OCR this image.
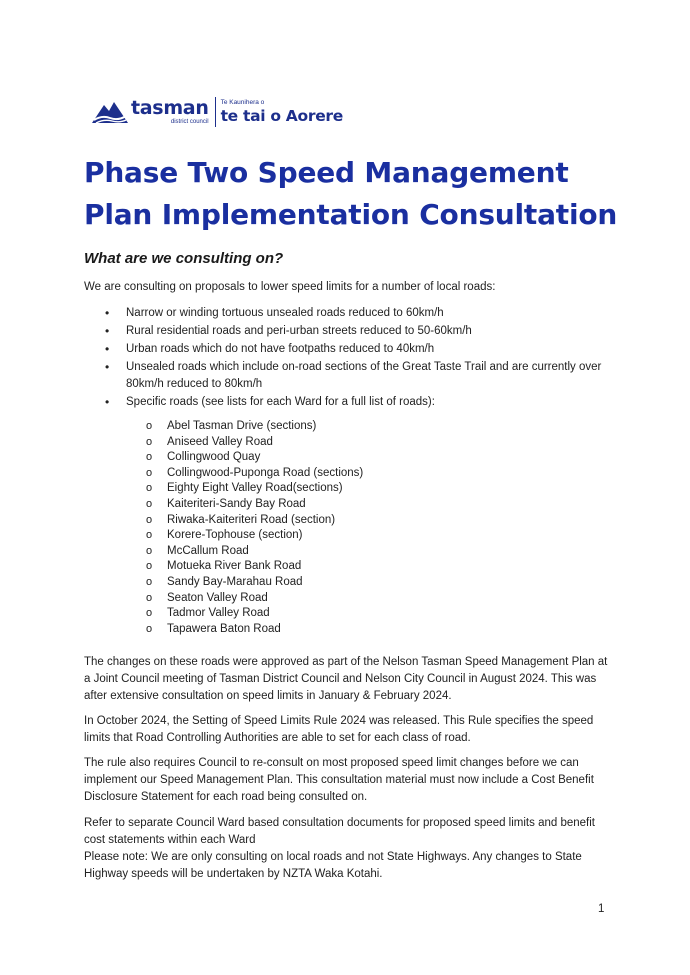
tasman
district council
Te Kaunihera o
te tai o Aorere
Phase Two Speed Management
Plan Implementation Consultation
What are we consulting on?

We are consulting on proposals to lower speed limits for a number of local roads:

• Narrow or winding tortuous unsealed roads reduced to 60km/h
• Rural residential roads and peri-urban streets reduced to 50-60km/h
• Urban roads which do not have footpaths reduced to 40km/h
• Unsealed roads which include on-road sections of the Great Taste Trail and are currently over 80km/h reduced to 80km/h
• Specific roads (see lists for each Ward for a full list of roads):
o Abel Tasman Drive (sections)
o Aniseed Valley Road
o Collingwood Quay
o Collingwood-Puponga Road (sections)
o Eighty Eight Valley Road(sections)
o Kaiteriteri-Sandy Bay Road
o Riwaka-Kaiteriteri Road (section)
o Korere-Tophouse (section)
o McCallum Road
o Motueka River Bank Road
o Sandy Bay-Marahau Road
o Seaton Valley Road
o Tadmor Valley Road
o Tapawera Baton Road

The changes on these roads were approved as part of the Nelson Tasman Speed Management Plan at a Joint Council meeting of Tasman District Council and Nelson City Council in August 2024. This was after extensive consultation on speed limits in January & February 2024.

In October 2024, the Setting of Speed Limits Rule 2024 was released. This Rule specifies the speed limits that Road Controlling Authorities are able to set for each class of road.

The rule also requires Council to re-consult on most proposed speed limit changes before we can implement our Speed Management Plan. This consultation material must now include a Cost Benefit Disclosure Statement for each road being consulted on.

Refer to separate Council Ward based consultation documents for proposed speed limits and benefit cost statements within each Ward

Please note: We are only consulting on local roads and not State Highways. Any changes to State Highway speeds will be undertaken by NZTA Waka Kotahi.

1
